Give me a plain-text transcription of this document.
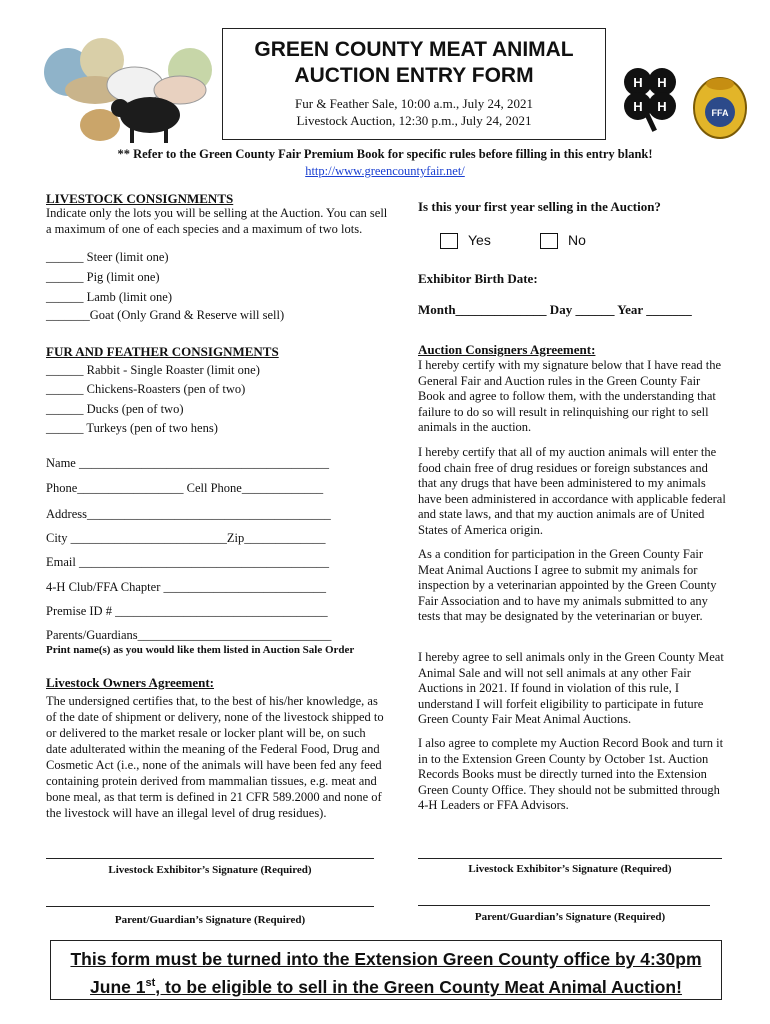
GREEN COUNTY MEAT ANIMAL
AUCTION ENTRY FORM
Fur & Feather Sale, 10:00 a.m., July 24, 2021
Livestock Auction, 12:30 p.m., July 24, 2021
H H
H H	FFA
** Refer to the Green County Fair Premium Book for specific rules before filling in this entry blank!
http://www.greencountyfair.net/
LIVESTOCK CONSIGNMENTS
Indicate only the lots you will be selling at the Auction. You can sell a maximum of one of each species and a maximum of two lots.
______ Steer (limit one)
______ Pig (limit one)
______ Lamb (limit one)
_______Goat (Only Grand & Reserve will sell)
FUR AND FEATHER CONSIGNMENTS
______ Rabbit - Single Roaster (limit one)
______ Chickens-Roasters (pen of two)
______ Ducks (pen of two)
______ Turkeys (pen of two hens)
Name ________________________________________
Phone_________________ Cell Phone_____________
Address_______________________________________
City _________________________Zip_____________
Email ________________________________________
4-H Club/FFA Chapter __________________________
Premise ID # __________________________________
Parents/Guardians_______________________________
Print name(s) as you would like them listed in Auction Sale Order
Livestock Owners Agreement:
The undersigned certifies that, to the best of his/her knowledge, as of the date of shipment or delivery, none of the livestock shipped to or delivered to the market resale or locker plant will be, on such date adulterated within the meaning of the Federal Food, Drug and Cosmetic Act (i.e., none of the animals will have been fed any feed containing protein derived from mammalian tissues, e.g. meat and bone meal, as that term is defined in 21 CFR 589.2000 and none of the livestock will have an illegal level of drug residues).
Livestock Exhibitor’s Signature (Required)
Parent/Guardian’s Signature (Required)
Is this your first year selling in the Auction?
Yes	No
Exhibitor Birth Date:
Month______________ Day ______ Year _______
Auction Consigners Agreement:
I hereby certify with my signature below that I have read the General Fair and Auction rules in the Green County Fair Book and agree to follow them, with the understanding that failure to do so will result in relinquishing our right to sell animals in the auction.
I hereby certify that all of my auction animals will enter the food chain free of drug residues or foreign substances and that any drugs that have been administered to my animals have been administered in accordance with applicable federal and state laws, and that my auction animals are of United States of America origin.
As a condition for participation in the Green County Fair Meat Animal Auctions I agree to submit my animals for inspection by a veterinarian appointed by the Green County Fair Association and to have my animals submitted to any tests that may be designated by the veterinarian or buyer.
I hereby agree to sell animals only in the Green County Meat Animal Sale and will not sell animals at any other Fair Auctions in 2021. If found in violation of this rule, I understand I will forfeit eligibility to participate in future Green County Fair Meat Animal Auctions.
I also agree to complete my Auction Record Book and turn it in to the Extension Green County by October 1st. Auction Records Books must be directly turned into the Extension Green County Office. They should not be submitted through 4-H Leaders or FFA Advisors.
Livestock Exhibitor’s Signature (Required)
Parent/Guardian’s Signature (Required)
This form must be turned into the Extension Green County office by 4:30pm
June 1st, to be eligible to sell in the Green County Meat Animal Auction!
